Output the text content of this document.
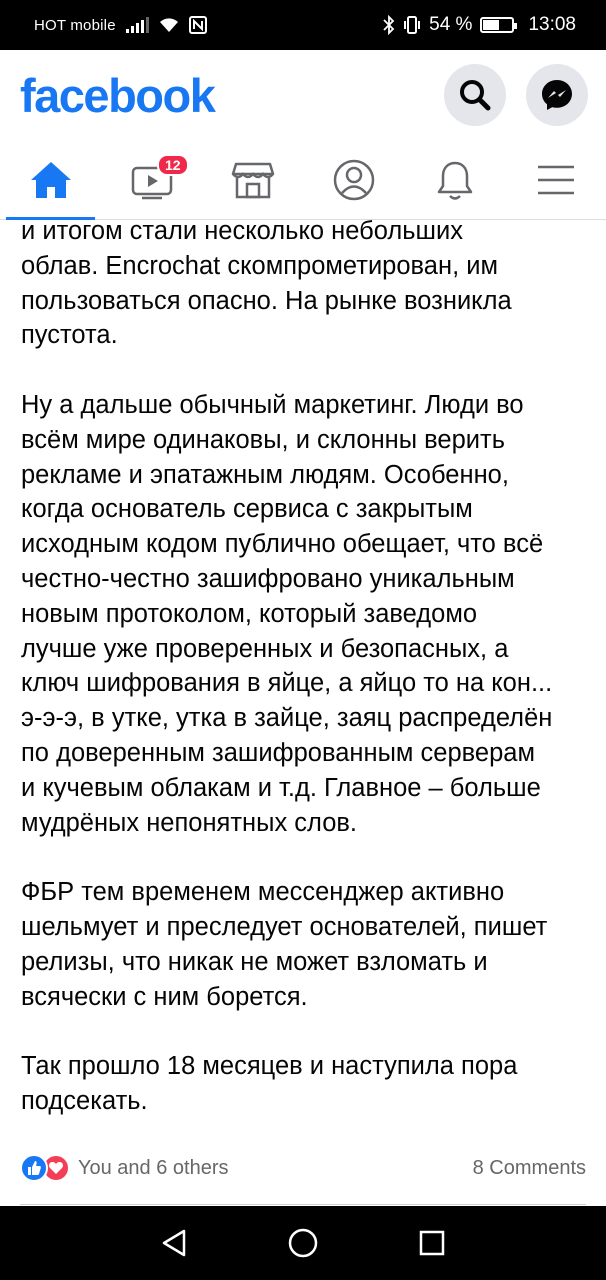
HOT mobile	54 %	13:08
facebook
12

и итогом стали несколько небольших
облав. Encrochat скомпрометирован, им
пользоваться опасно. На рынке возникла
пустота.

Ну а дальше обычный маркетинг. Люди во
всём мире одинаковы, и склонны верить
рекламе и эпатажным людям. Особенно,
когда основатель сервиса с закрытым
исходным кодом публично обещает, что всё
честно-честно зашифровано уникальным
новым протоколом, который заведомо
лучше уже проверенных и безопасных, а
ключ шифрования в яйце, а яйцо то на кон...
э-э-э, в утке, утка в зайце, заяц распределён
по доверенным зашифрованным серверам
и кучевым облакам и т.д. Главное – больше
мудрёных непонятных слов.

ФБР тем временем мессенджер активно
шельмует и преследует основателей, пишет
релизы, что никак не может взломать и
всячески с ним борется.

Так прошло 18 месяцев и наступила пора
подсекать.

You and 6 others	8 Comments
